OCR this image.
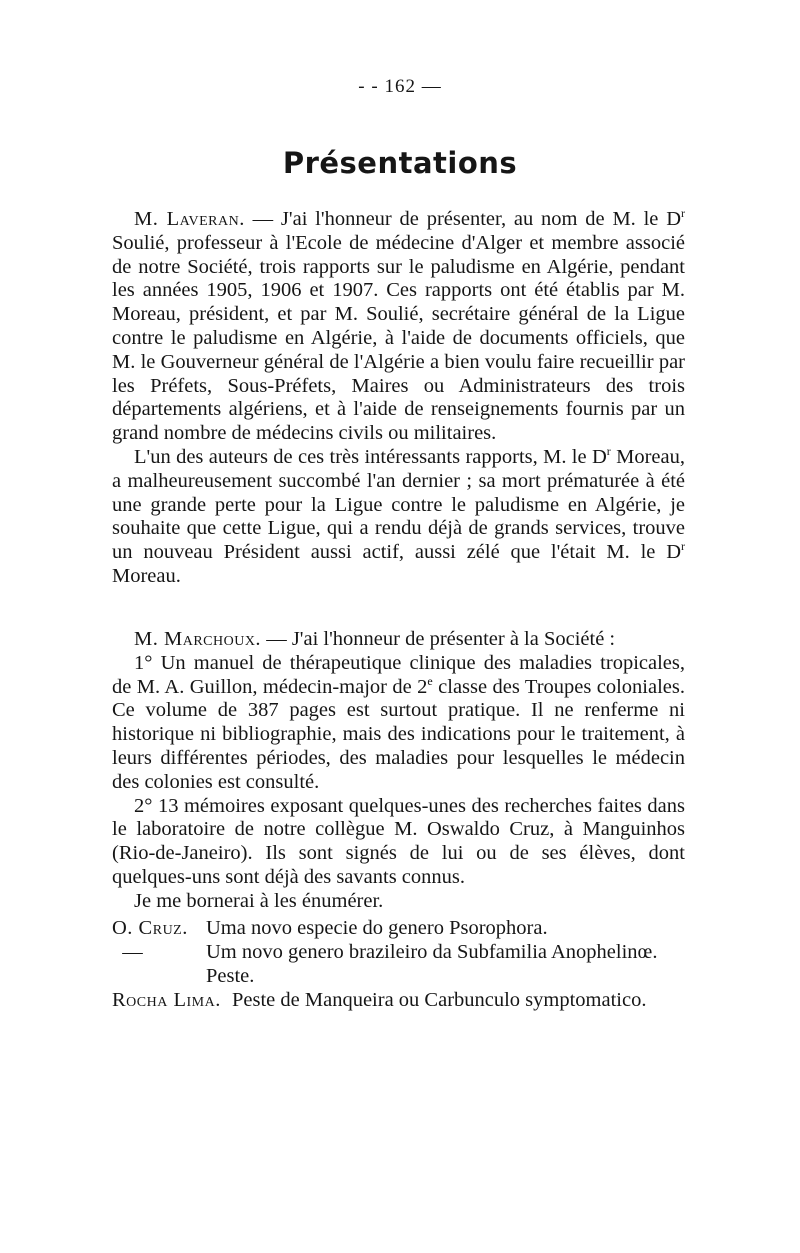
- - 162 —
Présentations

M. Laveran. — J'ai l'honneur de présenter, au nom de M. le $D^r$ Soulié, professeur à l'Ecole de médecine d'Alger et membre associé de notre Société, trois rapports sur le paludisme en Algérie, pendant les années 1905, 1906 et 1907. Ces rapports ont été établis par M. Moreau, président, et par M. Soulié, secrétaire général de la Ligue contre le paludisme en Algérie, à l'aide de documents officiels, que M. le Gouverneur général de l'Algérie a bien voulu faire recueillir par les Préfets, Sous-Préfets, Maires ou Administrateurs des trois départements algériens, et à l'aide de renseignements fournis par un grand nombre de médecins civils ou militaires.

L'un des auteurs de ces très intéressants rapports, M. le $D^r$ Moreau, a malheureusement succombé l'an dernier ; sa mort prématurée à été une grande perte pour la Ligue contre le paludisme en Algérie, je souhaite que cette Ligue, qui a rendu déjà de grands services, trouve un nouveau Président aussi actif, aussi zélé que l'était M. le $D^r$ Moreau.

M. Marchoux. — J'ai l'honneur de présenter à la Société :

1° Un manuel de thérapeutique clinique des maladies tropicales, de M. A. Guillon, médecin-major de 2e classe des Troupes coloniales. Ce volume de 387 pages est surtout pratique. Il ne renferme ni historique ni bibliographie, mais des indications pour le traitement, à leurs différentes périodes, des maladies pour lesquelles le médecin des colonies est consulté.

2° 13 mémoires exposant quelques-unes des recherches faites dans le laboratoire de notre collègue M. Oswaldo Cruz, à Manguinhos (Rio-de-Janeiro). Ils sont signés de lui ou de ses élèves, dont quelques-uns sont déjà des savants connus.

Je me bornerai à les énumérer.

O. Cruz. Uma novo especie do genero Psorophora.
—	Um novo genero brazileiro da Subfamilia Anophelinœ.
Peste.
Rocha Lima. Peste de Manqueira ou Carbunculo symptomatico.
